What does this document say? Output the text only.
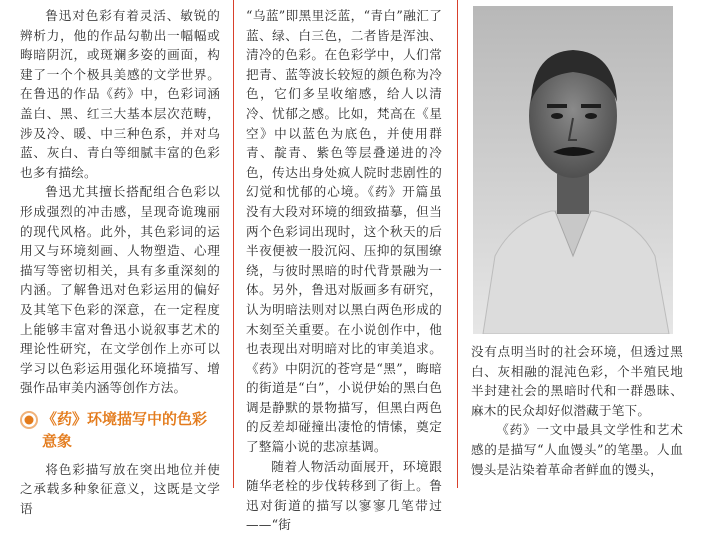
鲁迅对色彩有着灵活、敏锐的辨析力，他的作品勾勒出一幅幅或晦暗阴沉，或斑斓多姿的画面，构建了一个个极具美感的文学世界。在鲁迅的作品《药》中，色彩词涵盖白、黑、红三大基本层次范畴，涉及冷、暖、中三种色系，并对乌蓝、灰白、青白等细腻丰富的色彩也多有描绘。

鲁迅尤其擅长搭配组合色彩以形成强烈的冲击感，呈现奇诡瑰丽的现代风格。此外，其色彩词的运用又与环境刻画、人物塑造、心理描写等密切相关，具有多重深刻的内涵。了解鲁迅对色彩运用的偏好及其笔下色彩的深意，在一定程度上能够丰富对鲁迅小说叙事艺术的理论性研究，在文学创作上亦可以学习以色彩运用强化环境描写、增强作品审美内涵等创作方法。

《药》环境描写中的色彩意象

将色彩描写放在突出地位并使之承载多种象征意义，这既是文学语

“乌蓝”即黑里泛蓝，“青白”融汇了蓝、绿、白三色，二者皆是浑浊、清冷的色彩。在色彩学中，人们常把青、蓝等波长较短的颜色称为冷色，它们多呈收缩感，给人以清冷、忧郁之感。比如，梵高在《星空》中以蓝色为底色，并使用群青、靛青、紫色等层叠递进的冷色，传达出身处疯人院时悲剧性的幻觉和忧郁的心境。《药》开篇虽没有大段对环境的细致描摹，但当两个色彩词出现时，这个秋天的后半夜便被一股沉闷、压抑的氛围缭绕，与彼时黑暗的时代背景融为一体。另外，鲁迅对版画多有研究，认为明暗法则对以黑白两色形成的木刻至关重要。在小说创作中，他也表现出对明暗对比的审美追求。《药》中阴沉的苍穹是“黑”，晦暗的街道是“白”，小说伊始的黑白色调是静默的景物描写，但黑白两色的反差却碰撞出凄怆的情愫，奠定了整篇小说的悲凉基调。

随着人物活动面展开，环境跟随华老栓的步伐转移到了街上。鲁迅对街道的描写以寥寥几笔带过——“街

没有点明当时的社会环境，但透过黑白、灰相融的混沌色彩，个半殖民地半封建社会的黑暗时代和一群愚昧、麻木的民众却好似潜藏于笔下。

《药》一文中最具文学性和艺术感的是描写“人血馒头”的笔墨。人血馒头是沾染着革命者鲜血的馒头，
